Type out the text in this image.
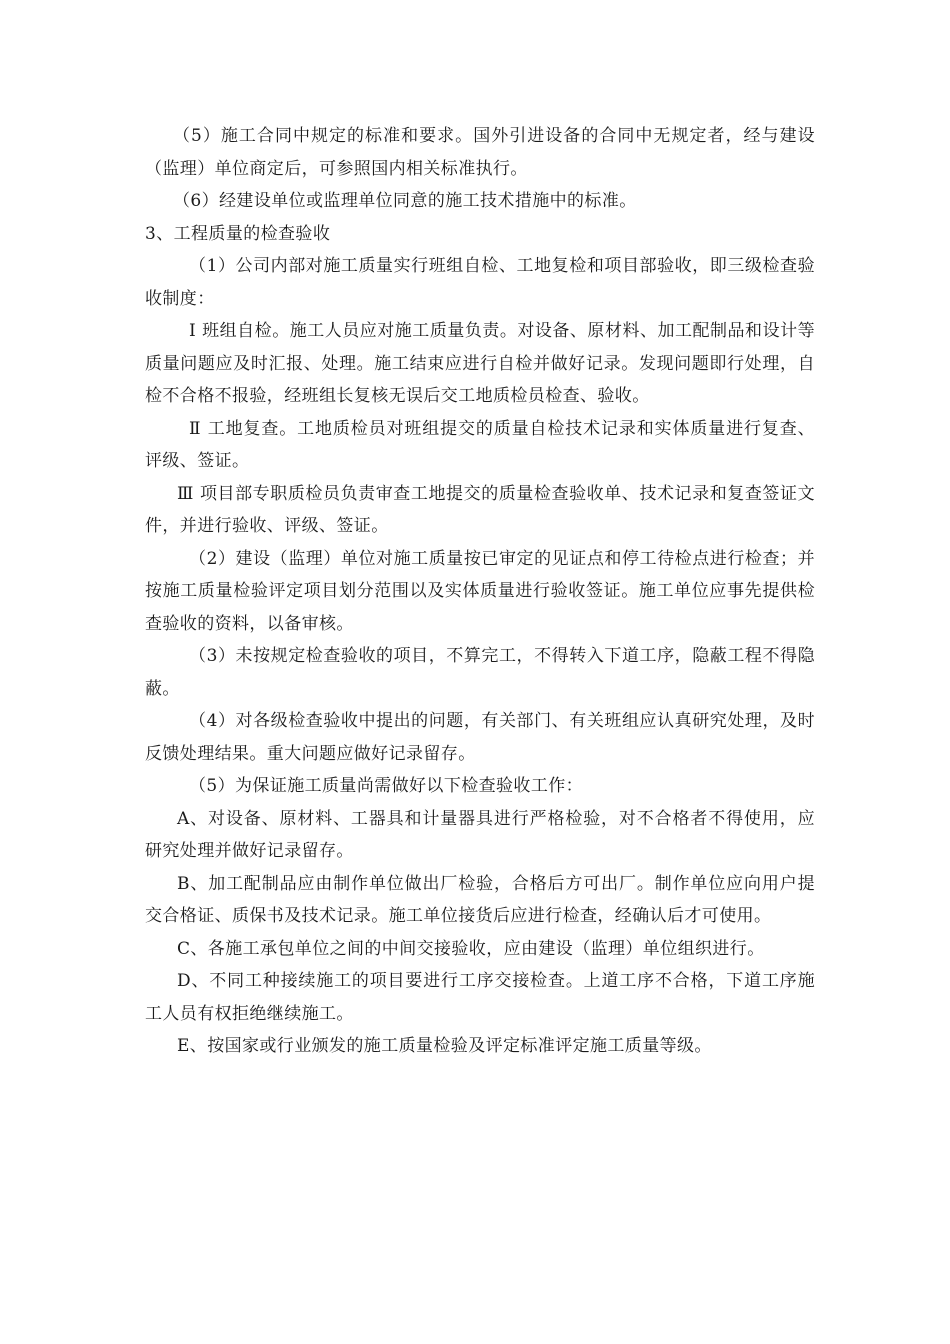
（5）施工合同中规定的标准和要求。国外引进设备的合同中无规定者，经与建设（监理）单位商定后，可参照国内相关标准执行。

（6）经建设单位或监理单位同意的施工技术措施中的标准。

3、工程质量的检查验收

（1）公司内部对施工质量实行班组自检、工地复检和项目部验收，即三级检查验收制度：

Ⅰ 班组自检。施工人员应对施工质量负责。对设备、原材料、加工配制品和设计等质量问题应及时汇报、处理。施工结束应进行自检并做好记录。发现问题即行处理，自检不合格不报验，经班组长复核无误后交工地质检员检查、验收。

Ⅱ 工地复查。工地质检员对班组提交的质量自检技术记录和实体质量进行复查、评级、签证。

Ⅲ 项目部专职质检员负责审查工地提交的质量检查验收单、技术记录和复查签证文件，并进行验收、评级、签证。

（2）建设（监理）单位对施工质量按已审定的见证点和停工待检点进行检查；并按施工质量检验评定项目划分范围以及实体质量进行验收签证。施工单位应事先提供检查验收的资料，以备审核。

（3）未按规定检查验收的项目，不算完工，不得转入下道工序，隐蔽工程不得隐蔽。

（4）对各级检查验收中提出的问题，有关部门、有关班组应认真研究处理，及时反馈处理结果。重大问题应做好记录留存。

（5）为保证施工质量尚需做好以下检查验收工作：

A、对设备、原材料、工器具和计量器具进行严格检验，对不合格者不得使用，应研究处理并做好记录留存。

B、加工配制品应由制作单位做出厂检验，合格后方可出厂。制作单位应向用户提交合格证、质保书及技术记录。施工单位接货后应进行检查，经确认后才可使用。

C、各施工承包单位之间的中间交接验收，应由建设（监理）单位组织进行。

D、不同工种接续施工的项目要进行工序交接检查。上道工序不合格，下道工序施工人员有权拒绝继续施工。

E、按国家或行业颁发的施工质量检验及评定标准评定施工质量等级。
